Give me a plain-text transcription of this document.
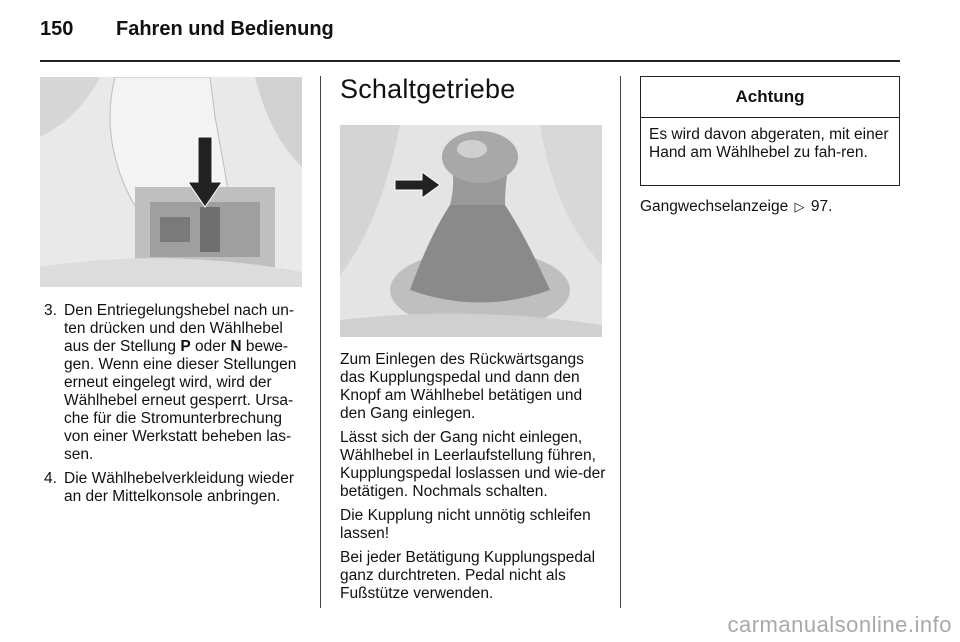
150	Fahren und Bedienung
3. Den Entriegelungshebel nach un-ten drücken und den Wählhebel aus der Stellung P oder N bewe-gen. Wenn eine dieser Stellungen erneut eingelegt wird, wird der Wählhebel erneut gesperrt. Ursa-che für die Stromunterbrechung von einer Werkstatt beheben las-sen.
4. Die Wählhebelverkleidung wieder an der Mittelkonsole anbringen.
Schaltgetriebe

Zum Einlegen des Rückwärtsgangs das Kupplungspedal und dann den Knopf am Wählhebel betätigen und den Gang einlegen.

Lässt sich der Gang nicht einlegen, Wählhebel in Leerlaufstellung führen, Kupplungspedal loslassen und wie-der betätigen. Nochmals schalten.

Die Kupplung nicht unnötig schleifen lassen!

Bei jeder Betätigung Kupplungspedal ganz durchtreten. Pedal nicht als Fußstütze verwenden.

Achtung
Es wird davon abgeraten, mit einer Hand am Wählhebel zu fah-ren.
Gangwechselanzeige ▷ 97.
carmanualsonline.info
